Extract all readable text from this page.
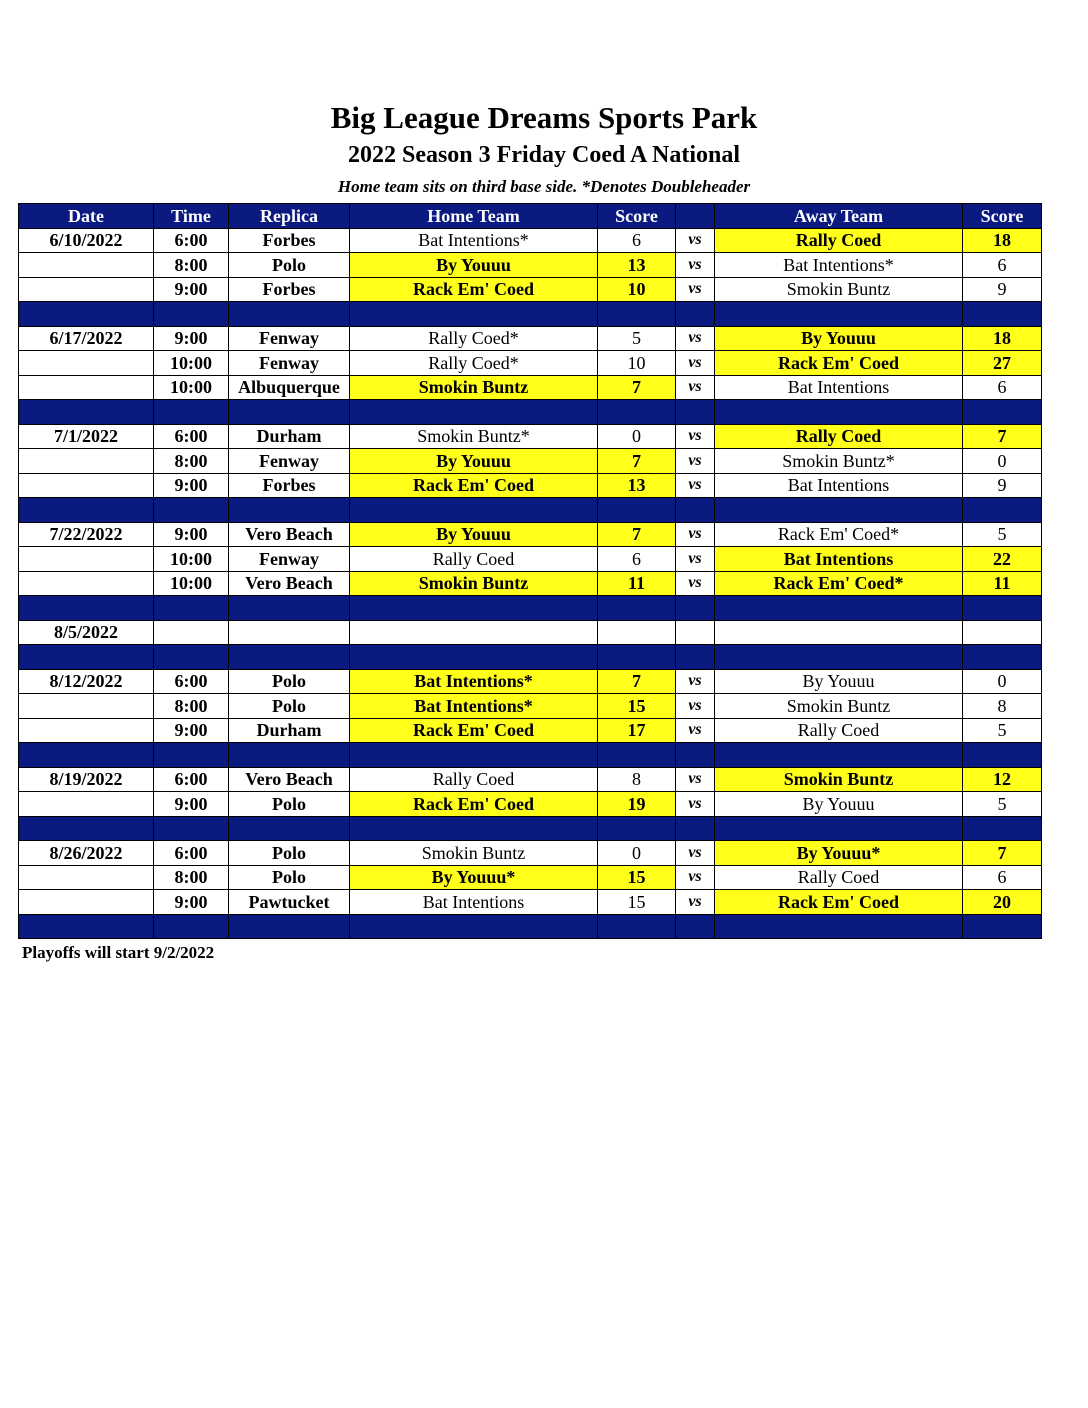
Big League Dreams Sports Park
2022 Season 3 Friday Coed A National
Home team sits on third base side. *Denotes Doubleheader
Date	Time	Replica	Home Team	Score		Away Team	Score
6/10/2022	6:00	Forbes	Bat Intentions*	6	vs	Rally Coed	18
	8:00	Polo	By Youuu	13	vs	Bat Intentions*	6
	9:00	Forbes	Rack Em' Coed	10	vs	Smokin Buntz	9

6/17/2022	9:00	Fenway	Rally Coed*	5	vs	By Youuu	18
	10:00	Fenway	Rally Coed*	10	vs	Rack Em' Coed	27
	10:00	Albuquerque	Smokin Buntz	7	vs	Bat Intentions	6

7/1/2022	6:00	Durham	Smokin Buntz*	0	vs	Rally Coed	7
	8:00	Fenway	By Youuu	7	vs	Smokin Buntz*	0
	9:00	Forbes	Rack Em' Coed	13	vs	Bat Intentions	9

7/22/2022	9:00	Vero Beach	By Youuu	7	vs	Rack Em' Coed*	5
	10:00	Fenway	Rally Coed	6	vs	Bat Intentions	22
	10:00	Vero Beach	Smokin Buntz	11	vs	Rack Em' Coed*	11

8/5/2022							

8/12/2022	6:00	Polo	Bat Intentions*	7	vs	By Youuu	0
	8:00	Polo	Bat Intentions*	15	vs	Smokin Buntz	8
	9:00	Durham	Rack Em' Coed	17	vs	Rally Coed	5

8/19/2022	6:00	Vero Beach	Rally Coed	8	vs	Smokin Buntz	12
	9:00	Polo	Rack Em' Coed	19	vs	By Youuu	5

8/26/2022	6:00	Polo	Smokin Buntz	0	vs	By Youuu*	7
	8:00	Polo	By Youuu*	15	vs	Rally Coed	6
	9:00	Pawtucket	Bat Intentions	15	vs	Rack Em' Coed	20

Playoffs will start 9/2/2022
